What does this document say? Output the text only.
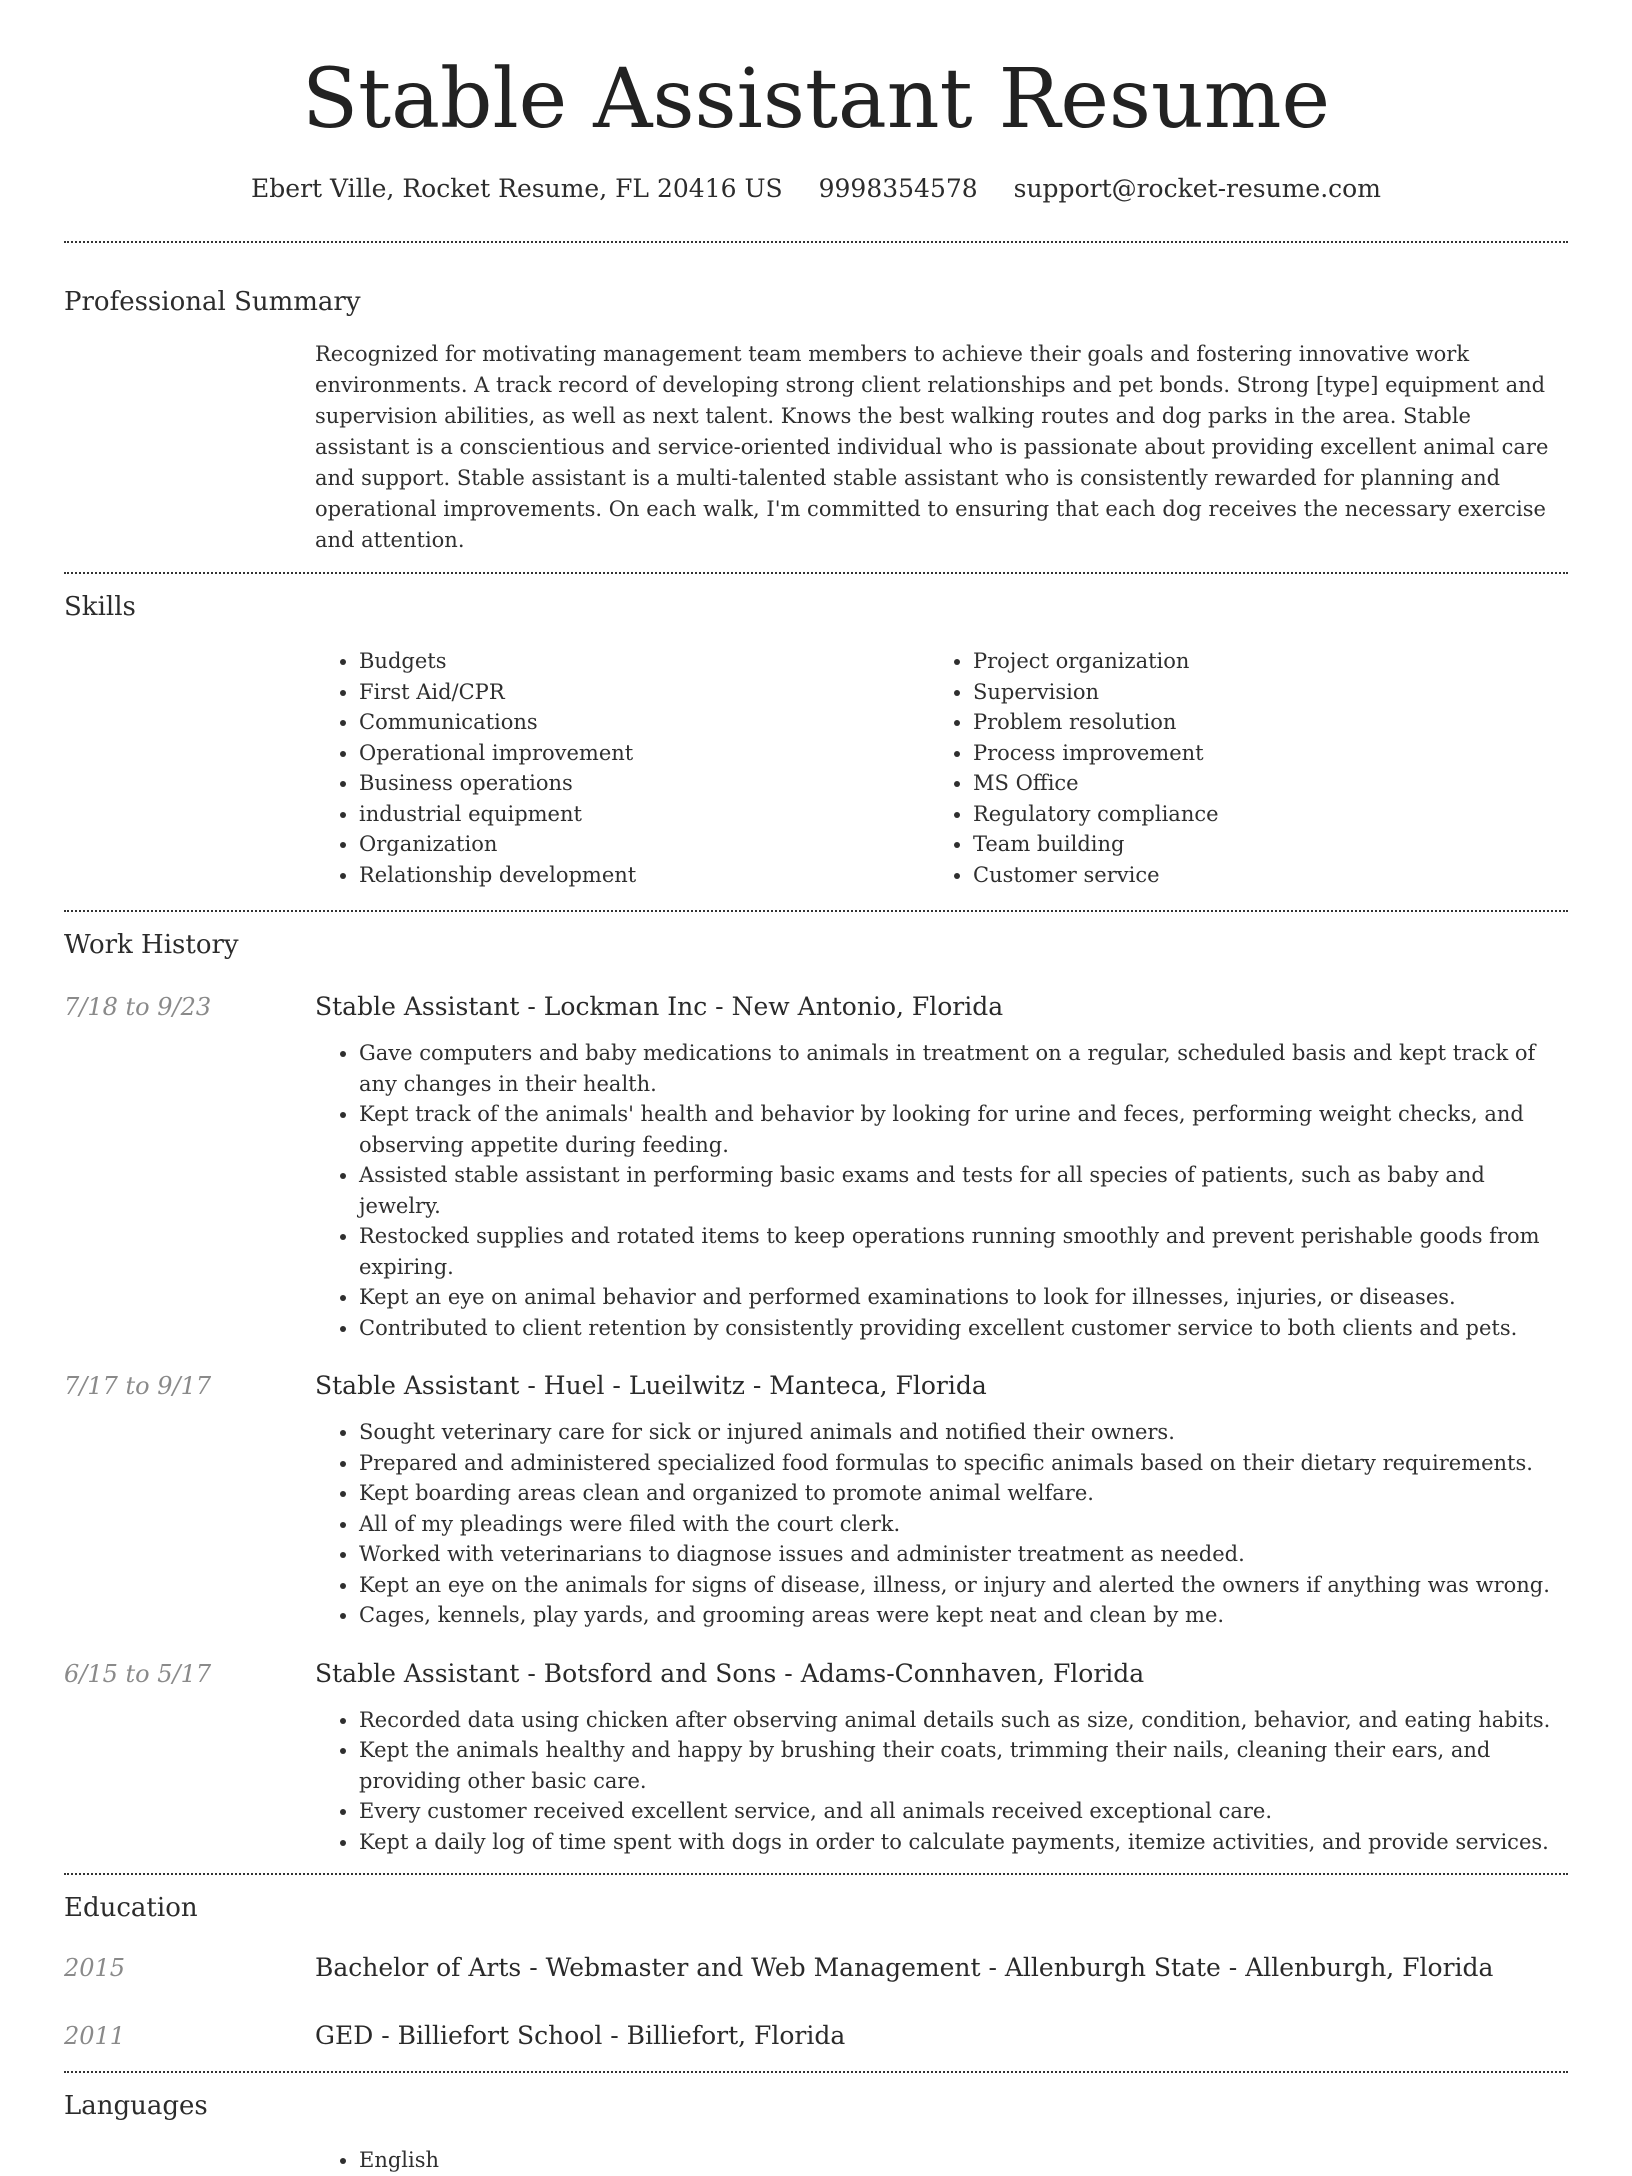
Stable Assistant Resume
Ebert Ville, Rocket Resume, FL 20416 US 9998354578 support@rocket-resume.com
Professional Summary
Recognized for motivating management team members to achieve their goals and fostering innovative work environments. A track record of developing strong client relationships and pet bonds. Strong [type] equipment and supervision abilities, as well as next talent. Knows the best walking routes and dog parks in the area. Stable assistant is a conscientious and service-oriented individual who is passionate about providing excellent animal care and support. Stable assistant is a multi-talented stable assistant who is consistently rewarded for planning and operational improvements. On each walk, I'm committed to ensuring that each dog receives the necessary exercise and attention.
Skills
• Budgets
• First Aid/CPR
• Communications
• Operational improvement
• Business operations
• industrial equipment
• Organization
• Relationship development
• Project organization
• Supervision
• Problem resolution
• Process improvement
• MS Office
• Regulatory compliance
• Team building
• Customer service
Work History
7/18 to 9/23	Stable Assistant - Lockman Inc - New Antonio, Florida
• Gave computers and baby medications to animals in treatment on a regular, scheduled basis and kept track of any changes in their health.
• Kept track of the animals' health and behavior by looking for urine and feces, performing weight checks, and observing appetite during feeding.
• Assisted stable assistant in performing basic exams and tests for all species of patients, such as baby and jewelry.
• Restocked supplies and rotated items to keep operations running smoothly and prevent perishable goods from expiring.
• Kept an eye on animal behavior and performed examinations to look for illnesses, injuries, or diseases.
• Contributed to client retention by consistently providing excellent customer service to both clients and pets.
7/17 to 9/17	Stable Assistant - Huel - Lueilwitz - Manteca, Florida
• Sought veterinary care for sick or injured animals and notified their owners.
• Prepared and administered specialized food formulas to specific animals based on their dietary requirements.
• Kept boarding areas clean and organized to promote animal welfare.
• All of my pleadings were filed with the court clerk.
• Worked with veterinarians to diagnose issues and administer treatment as needed.
• Kept an eye on the animals for signs of disease, illness, or injury and alerted the owners if anything was wrong.
• Cages, kennels, play yards, and grooming areas were kept neat and clean by me.
6/15 to 5/17	Stable Assistant - Botsford and Sons - Adams-Connhaven, Florida
• Recorded data using chicken after observing animal details such as size, condition, behavior, and eating habits.
• Kept the animals healthy and happy by brushing their coats, trimming their nails, cleaning their ears, and providing other basic care.
• Every customer received excellent service, and all animals received exceptional care.
• Kept a daily log of time spent with dogs in order to calculate payments, itemize activities, and provide services.
Education
2015	Bachelor of Arts - Webmaster and Web Management - Allenburgh State - Allenburgh, Florida
2011	GED - Billiefort School - Billiefort, Florida
Languages
• English
